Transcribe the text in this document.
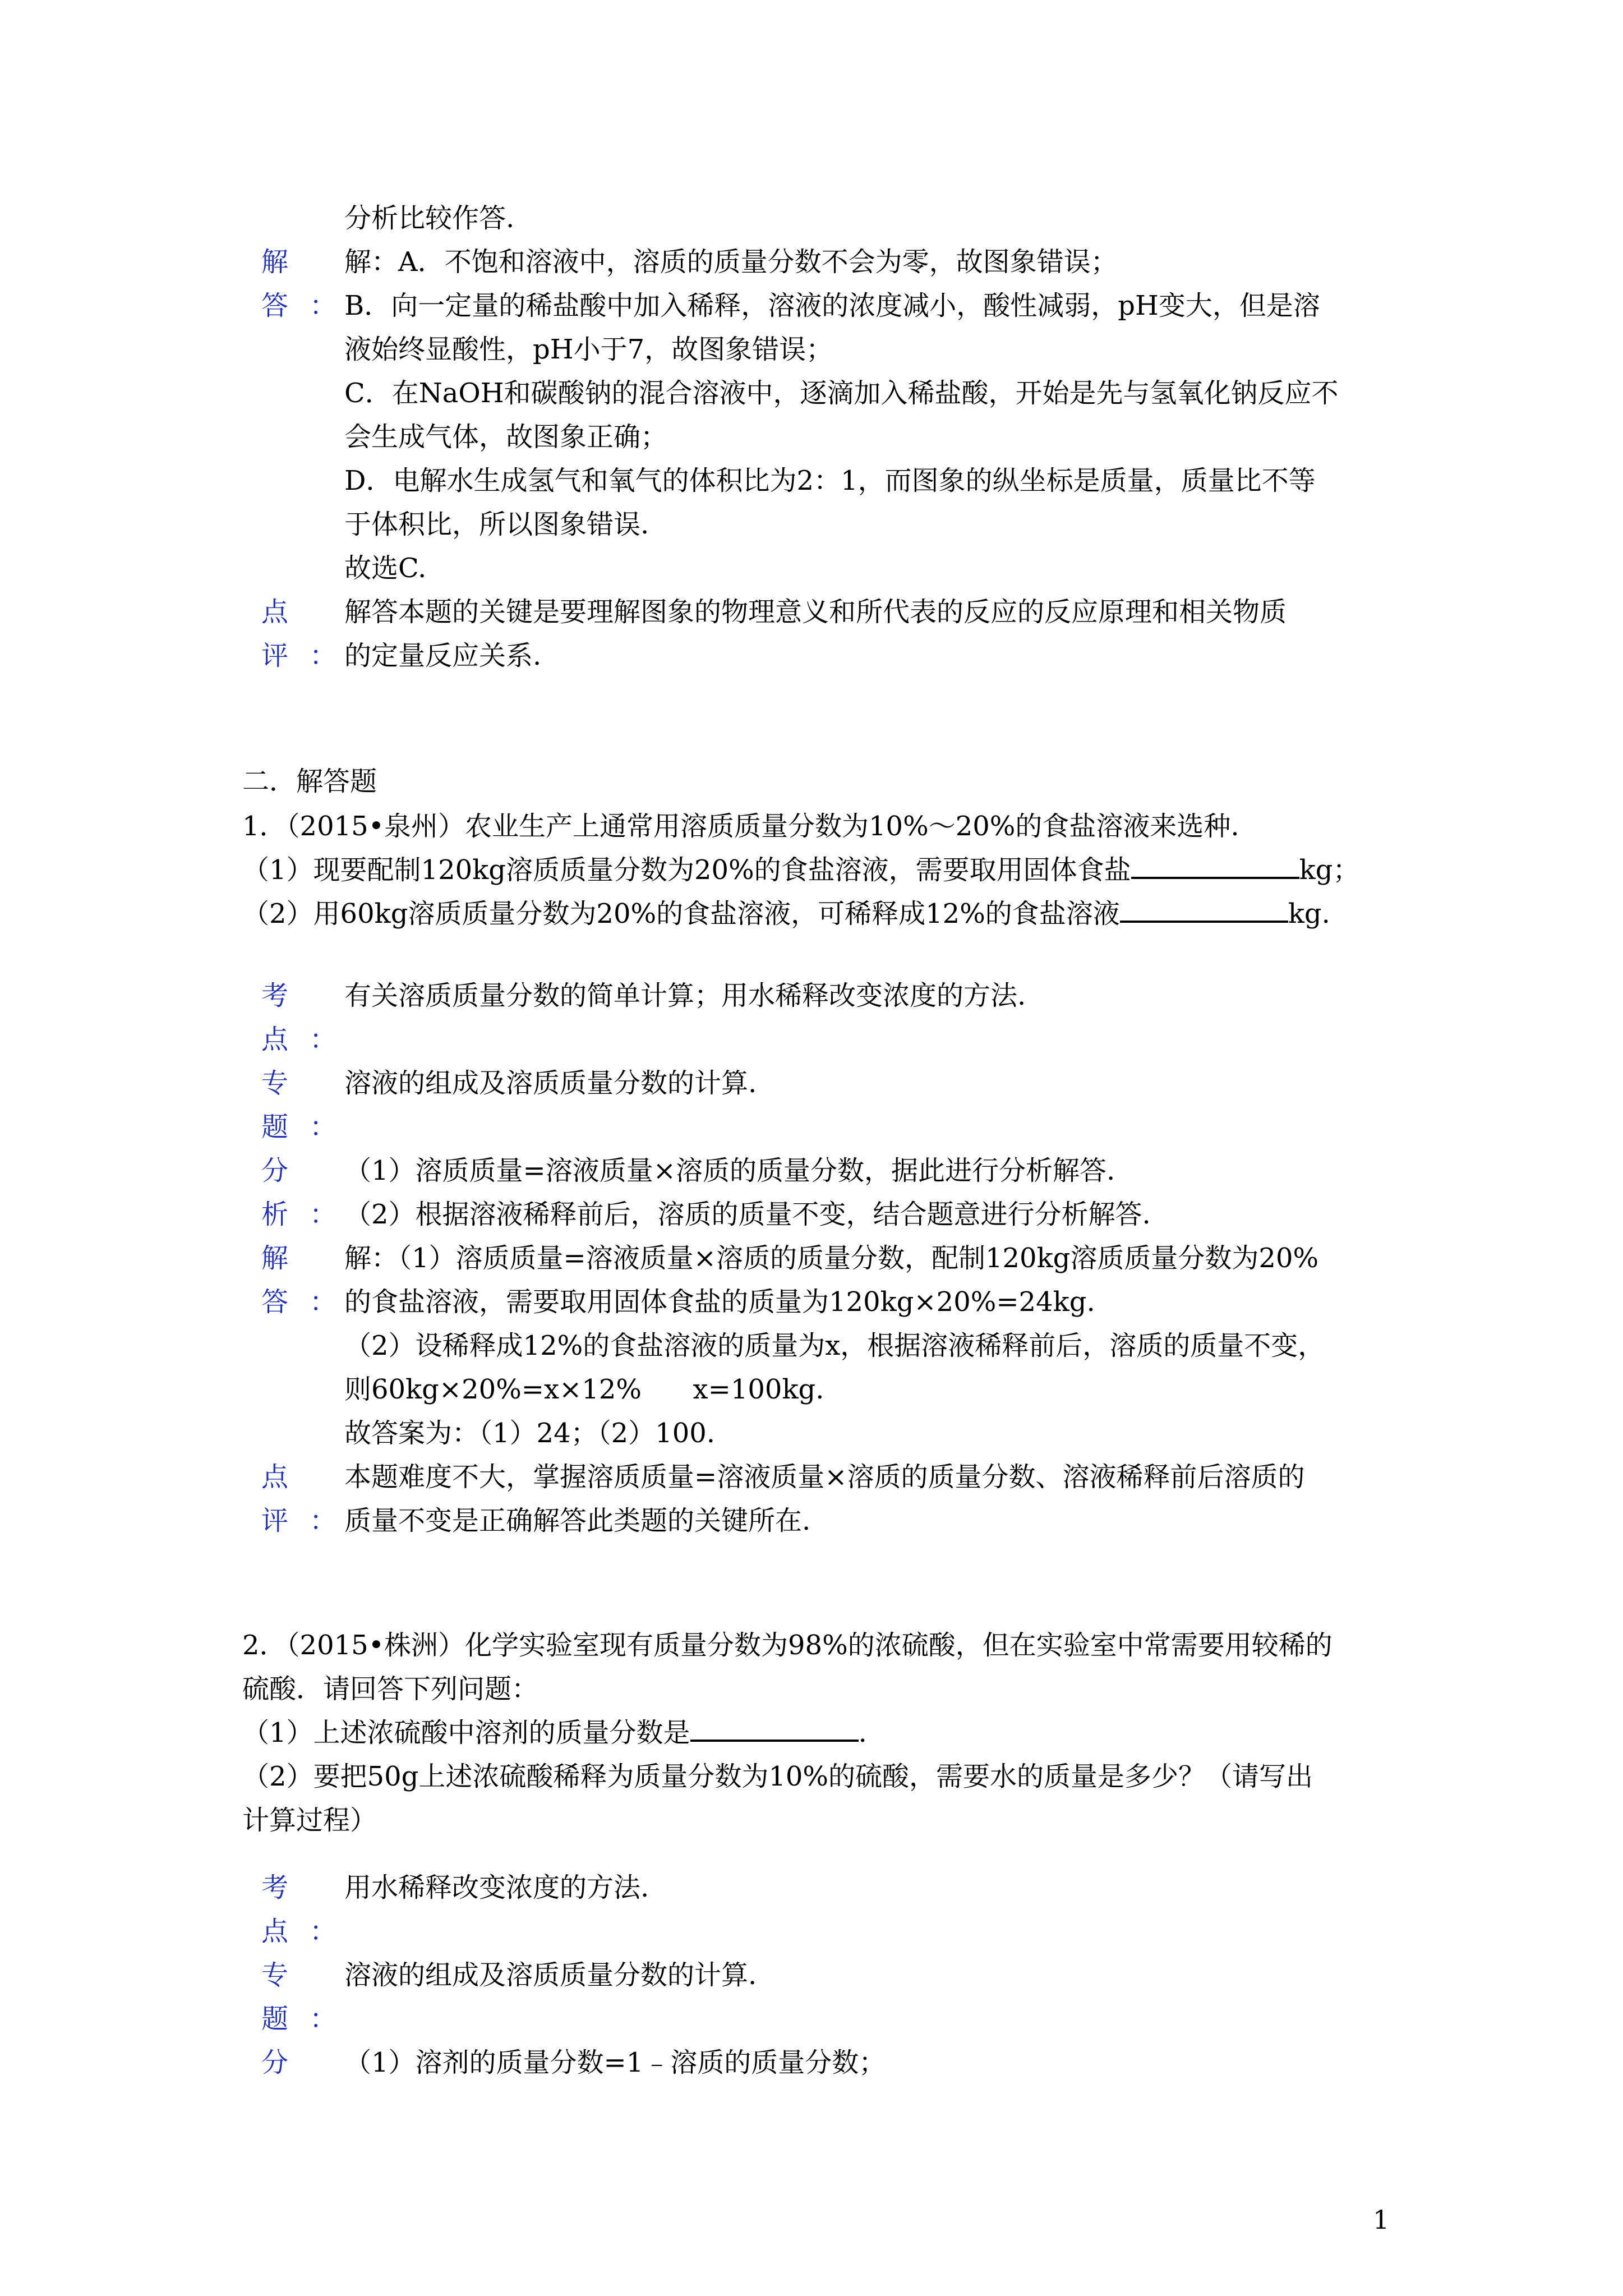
分析比较作答.
解
答：

解：A．不饱和溶液中，溶质的质量分数不会为零，故图象错误；

B．向一定量的稀盐酸中加入稀释，溶液的浓度减小，酸性减弱，pH变大，但是溶

液始终显酸性，pH小于7，故图象错误；

C．在NaOH和碳酸钠的混合溶液中，逐滴加入稀盐酸，开始是先与氢氧化钠反应不

会生成气体，故图象正确；

D．电解水生成氢气和氧气的体积比为2：1，而图象的纵坐标是质量，质量比不等

于体积比，所以图象错误.

故选C.

点
评：

解答本题的关键是要理解图象的物理意义和所代表的反应的反应原理和相关物质

的定量反应关系.

二．解答题

1．（2015•泉州）农业生产上通常用溶质质量分数为10%～20%的食盐溶液来选种.

（1）现要配制120kg溶质质量分数为20%的食盐溶液，需要取用固体食盐	kg；

（2）用60kg溶质质量分数为20%的食盐溶液，可稀释成12%的食盐溶液	kg.

考
点：

有关溶质质量分数的简单计算；用水稀释改变浓度的方法.

专
题：

溶液的组成及溶质质量分数的计算.

分
析：

（1）溶质质量=溶液质量×溶质的质量分数，据此进行分析解答.

（2）根据溶液稀释前后，溶质的质量不变，结合题意进行分析解答.

解
答：

解：（1）溶质质量=溶液质量×溶质的质量分数，配制120kg溶质质量分数为20%

的食盐溶液，需要取用固体食盐的质量为120kg×20%=24kg.

（2）设稀释成12%的食盐溶液的质量为x，根据溶液稀释前后，溶质的质量不变，

则60kg×20%=x×12%      x=100kg.

故答案为：（1）24；（2）100.

点
评：

本题难度不大，掌握溶质质量=溶液质量×溶质的质量分数、溶液稀释前后溶质的

质量不变是正确解答此类题的关键所在.

2．（2015•株洲）化学实验室现有质量分数为98%的浓硫酸，但在实验室中常需要用较稀的

硫酸．请回答下列问题：

（1）上述浓硫酸中溶剂的质量分数是	.

（2）要把50g上述浓硫酸稀释为质量分数为10%的硫酸，需要水的质量是多少？（请写出

计算过程）

考
点：

用水稀释改变浓度的方法.

专
题：

溶液的组成及溶质质量分数的计算.

分	（1）溶剂的质量分数=1﹣溶质的质量分数；

1
